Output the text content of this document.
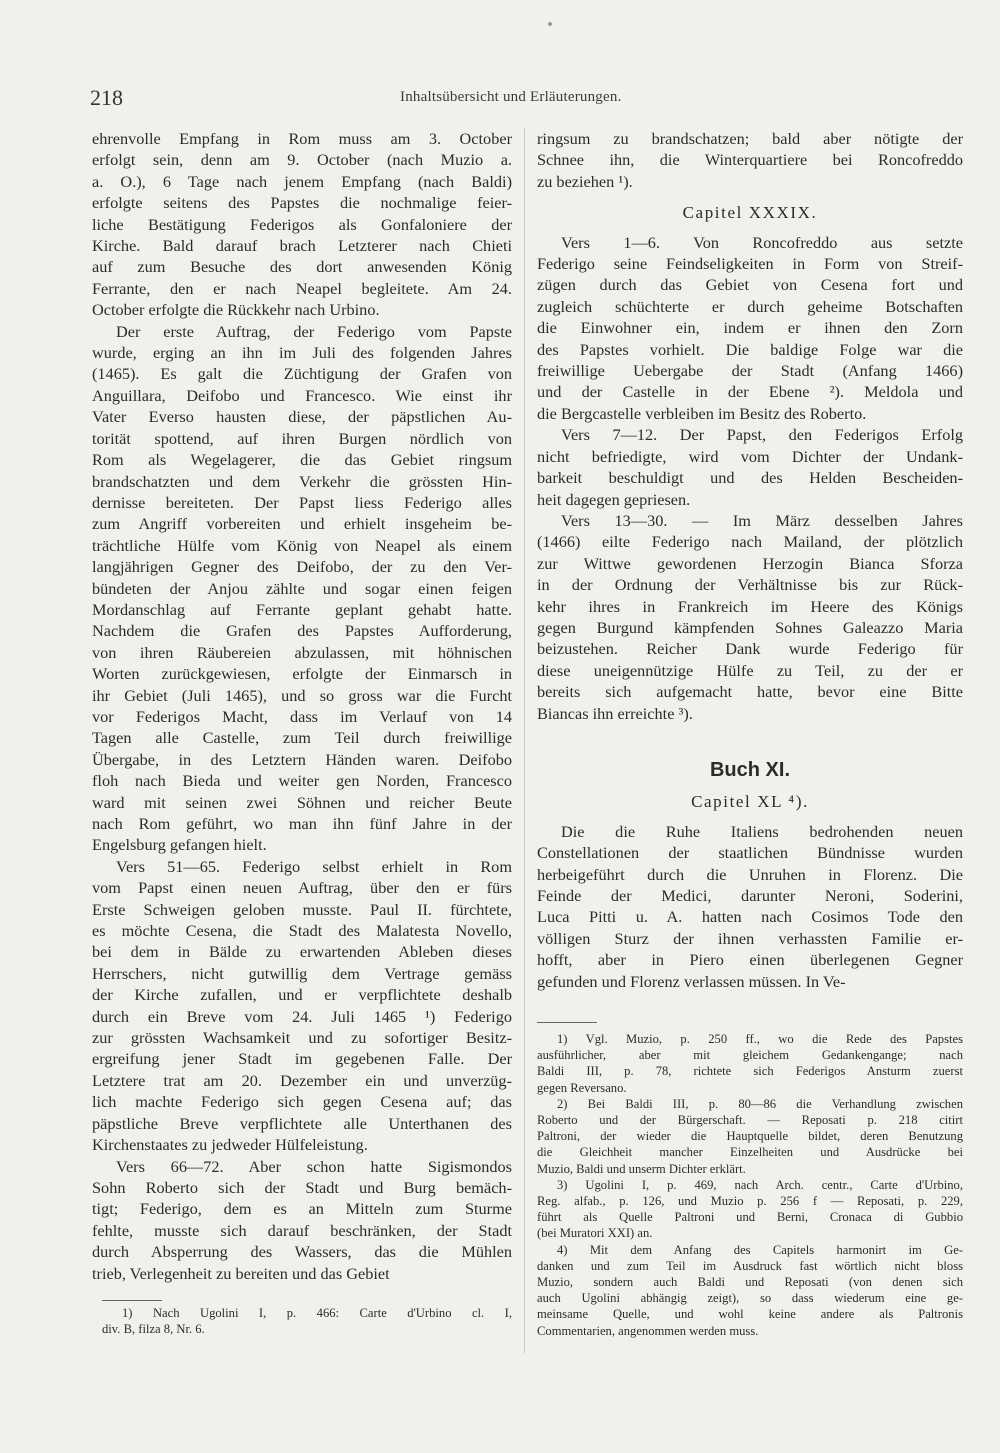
218	Inhaltsübersicht und Erläuterungen.
ehrenvolle Empfang in Rom muss am 3. October
erfolgt sein, denn am 9. October (nach Muzio a.
a. O.), 6 Tage nach jenem Empfang (nach Baldi)
erfolgte seitens des Papstes die nochmalige feier-
liche Bestätigung Federigos als Gonfaloniere der
Kirche. Bald darauf brach Letzterer nach Chieti
auf zum Besuche des dort anwesenden König
Ferrante, den er nach Neapel begleitete. Am 24.
October erfolgte die Rückkehr nach Urbino.
Der erste Auftrag, der Federigo vom Papste
wurde, erging an ihn im Juli des folgenden Jahres
(1465). Es galt die Züchtigung der Grafen von
Anguillara, Deifobo und Francesco. Wie einst ihr
Vater Everso hausten diese, der päpstlichen Au-
torität spottend, auf ihren Burgen nördlich von
Rom als Wegelagerer, die das Gebiet ringsum
brandschatzten und dem Verkehr die grössten Hin-
dernisse bereiteten. Der Papst liess Federigo alles
zum Angriff vorbereiten und erhielt insgeheim be-
trächtliche Hülfe vom König von Neapel als einem
langjährigen Gegner des Deifobo, der zu den Ver-
bündeten der Anjou zählte und sogar einen feigen
Mordanschlag auf Ferrante geplant gehabt hatte.
Nachdem die Grafen des Papstes Aufforderung,
von ihren Räubereien abzulassen, mit höhnischen
Worten zurückgewiesen, erfolgte der Einmarsch in
ihr Gebiet (Juli 1465), und so gross war die Furcht
vor Federigos Macht, dass im Verlauf von 14
Tagen alle Castelle, zum Teil durch freiwillige
Übergabe, in des Letztern Händen waren. Deifobo
floh nach Bieda und weiter gen Norden, Francesco
ward mit seinen zwei Söhnen und reicher Beute
nach Rom geführt, wo man ihn fünf Jahre in der
Engelsburg gefangen hielt.
Vers 51—65. Federigo selbst erhielt in Rom
vom Papst einen neuen Auftrag, über den er fürs
Erste Schweigen geloben musste. Paul II. fürchtete,
es möchte Cesena, die Stadt des Malatesta Novello,
bei dem in Bälde zu erwartenden Ableben dieses
Herrschers, nicht gutwillig dem Vertrage gemäss
der Kirche zufallen, und er verpflichtete deshalb
durch ein Breve vom 24. Juli 1465 ¹) Federigo
zur grössten Wachsamkeit und zu sofortiger Besitz-
ergreifung jener Stadt im gegebenen Falle. Der
Letztere trat am 20. Dezember ein und unverzüg-
lich machte Federigo sich gegen Cesena auf; das
päpstliche Breve verpflichtete alle Unterthanen des
Kirchenstaates zu jedweder Hülfeleistung.
Vers 66—72. Aber schon hatte Sigismondos
Sohn Roberto sich der Stadt und Burg bemäch-
tigt; Federigo, dem es an Mitteln zum Sturme
fehlte, musste sich darauf beschränken, der Stadt
durch Absperrung des Wassers, das die Mühlen
trieb, Verlegenheit zu bereiten und das Gebiet
1) Nach Ugolini I, p. 466: Carte d'Urbino cl. I,
div. B, filza 8, Nr. 6.
ringsum zu brandschatzen; bald aber nötigte der
Schnee ihn, die Winterquartiere bei Roncofreddo
zu beziehen ¹).
Capitel XXXIX.
Vers 1—6. Von Roncofreddo aus setzte
Federigo seine Feindseligkeiten in Form von Streif-
zügen durch das Gebiet von Cesena fort und
zugleich schüchterte er durch geheime Botschaften
die Einwohner ein, indem er ihnen den Zorn
des Papstes vorhielt. Die baldige Folge war die
freiwillige Uebergabe der Stadt (Anfang 1466)
und der Castelle in der Ebene ²). Meldola und
die Bergcastelle verbleiben im Besitz des Roberto.
Vers 7—12. Der Papst, den Federigos Erfolg
nicht befriedigte, wird vom Dichter der Undank-
barkeit beschuldigt und des Helden Bescheiden-
heit dagegen gepriesen.
Vers 13—30. — Im März desselben Jahres
(1466) eilte Federigo nach Mailand, der plötzlich
zur Wittwe gewordenen Herzogin Bianca Sforza
in der Ordnung der Verhältnisse bis zur Rück-
kehr ihres in Frankreich im Heere des Königs
gegen Burgund kämpfenden Sohnes Galeazzo Maria
beizustehen. Reicher Dank wurde Federigo für
diese uneigennützige Hülfe zu Teil, zu der er
bereits sich aufgemacht hatte, bevor eine Bitte
Biancas ihn erreichte ³).
Buch XI.
Capitel XL ⁴).
Die die Ruhe Italiens bedrohenden neuen
Constellationen der staatlichen Bündnisse wurden
herbeigeführt durch die Unruhen in Florenz. Die
Feinde der Medici, darunter Neroni, Soderini,
Luca Pitti u. A. hatten nach Cosimos Tode den
völligen Sturz der ihnen verhassten Familie er-
hofft, aber in Piero einen überlegenen Gegner
gefunden und Florenz verlassen müssen. In Ve-
1) Vgl. Muzio, p. 250 ff., wo die Rede des Papstes
ausführlicher, aber mit gleichem Gedankengange; nach
Baldi III, p. 78, richtete sich Federigos Ansturm zuerst
gegen Reversano.
2) Bei Baldi III, p. 80—86 die Verhandlung zwischen
Roberto und der Bürgerschaft. — Reposati p. 218 citirt
Paltroni, der wieder die Hauptquelle bildet, deren Benutzung
die Gleichheit mancher Einzelheiten und Ausdrücke bei
Muzio, Baldi und unserm Dichter erklärt.
3) Ugolini I, p. 469, nach Arch. centr., Carte d'Urbino,
Reg. alfab., p. 126, und Muzio p. 256 f — Reposati, p. 229,
führt als Quelle Paltroni und Berni, Cronaca di Gubbio
(bei Muratori XXI) an.
4) Mit dem Anfang des Capitels harmonirt im Ge-
danken und zum Teil im Ausdruck fast wörtlich nicht bloss
Muzio, sondern auch Baldi und Reposati (von denen sich
auch Ugolini abhängig zeigt), so dass wiederum eine ge-
meinsame Quelle, und wohl keine andere als Paltronis
Commentarien, angenommen werden muss.
